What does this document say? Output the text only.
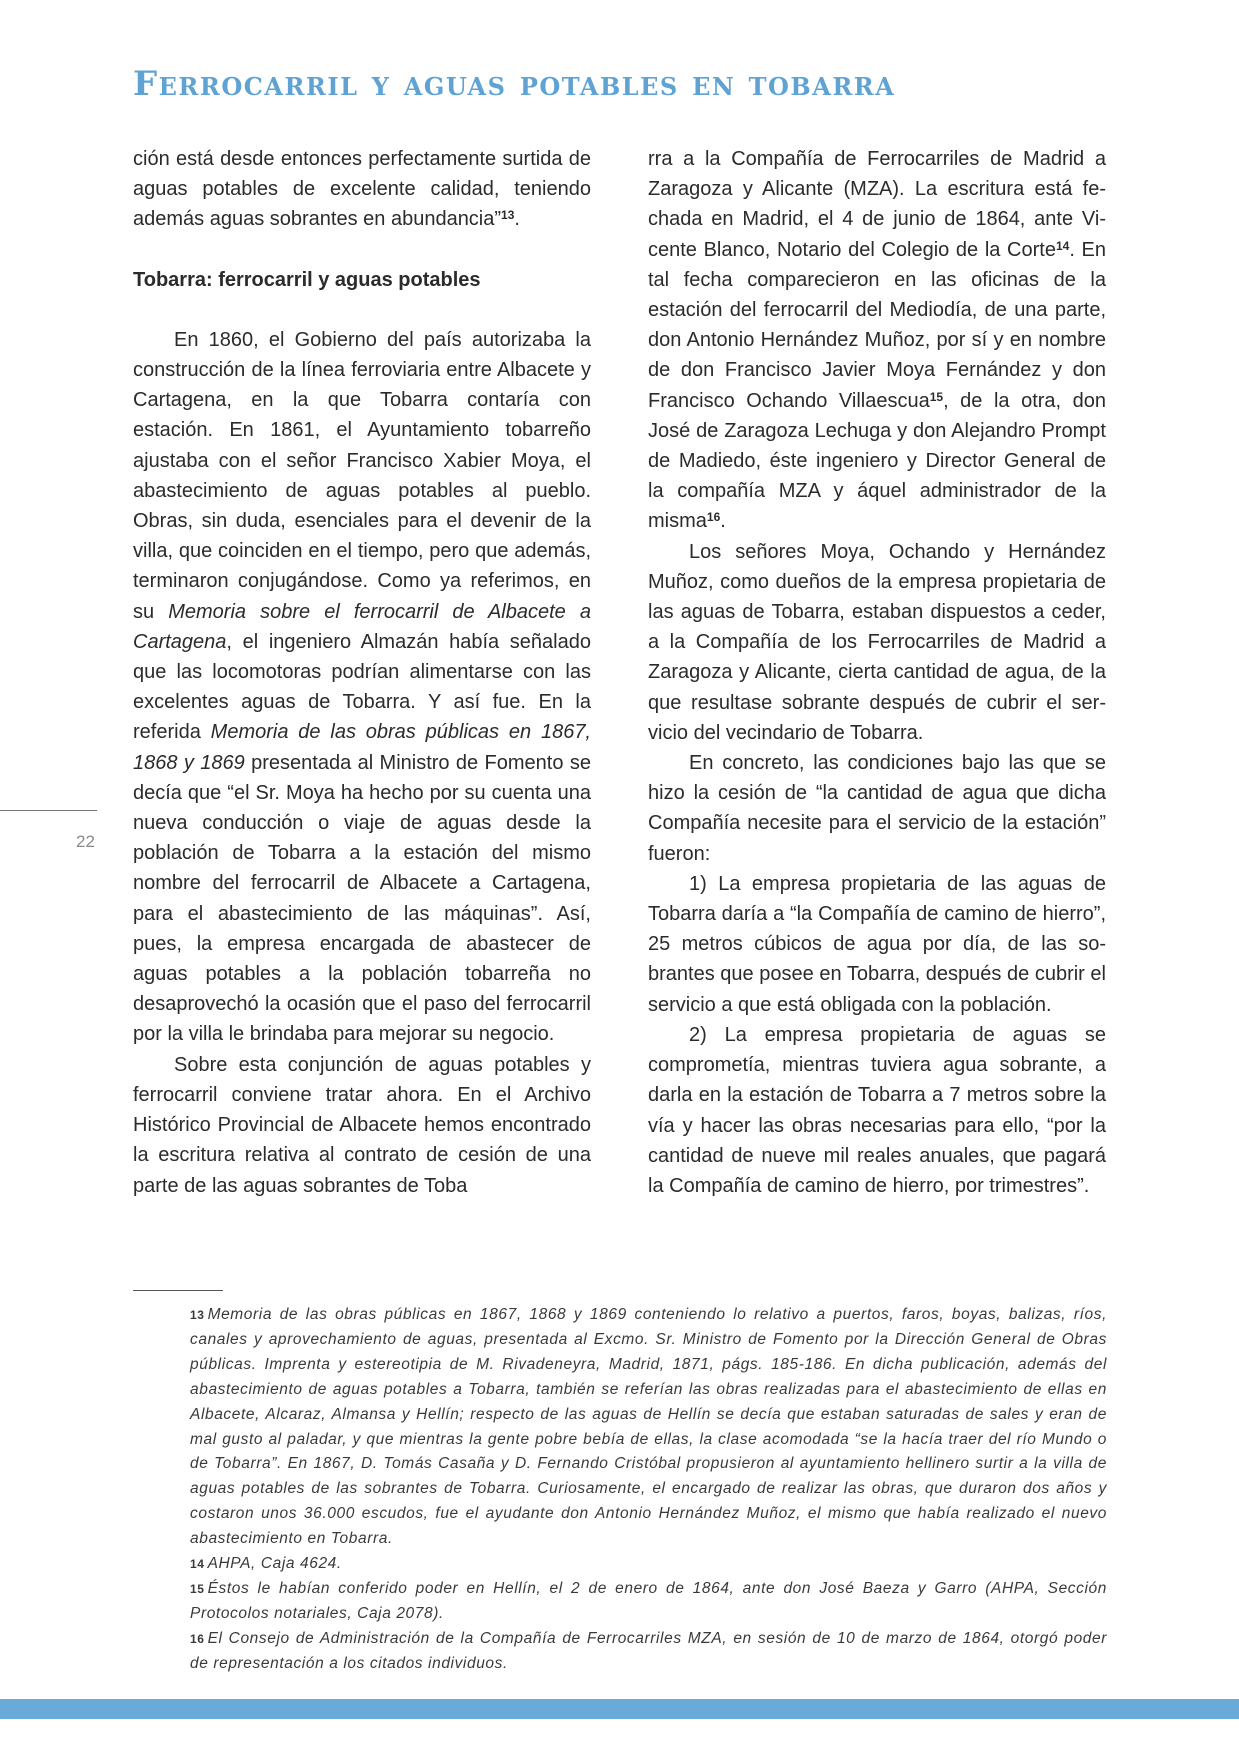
Ferrocarril y aguas potables en tobarra

ción está desde entonces perfectamente surtida de aguas potables de excelente calidad, teniendo además aguas sobrantes en abundancia”$^{13}$.

Tobarra: ferrocarril y aguas potables

En 1860, el Gobierno del país autorizaba la construcción de la línea ferroviaria entre Albacete y Cartagena, en la que Tobarra contaría con estación. En 1861, el Ayuntamiento tobarreño ajustaba con el señor Francisco Xabier Moya, el abastecimiento de aguas potables al pueblo. Obras, sin duda, esenciales para el devenir de la villa, que coinciden en el tiempo, pero que además, terminaron conjugándose. Como ya referimos, en su Memoria sobre el ferrocarril de Albacete a Cartagena, el ingeniero Almazán había señalado que las locomotoras podrían alimentarse con las excelentes aguas de Tobarra. Y así fue. En la referida Memoria de las obras públicas en 1867, 1868 y 1869 presentada al Ministro de Fomento se decía que “el Sr. Moya ha hecho por su cuenta una nueva conducción o viaje de aguas desde la población de Tobarra a la estación del mismo nombre del ferrocarril de Albacete a Cartagena, para el abastecimiento de las máquinas”. Así, pues, la empresa encargada de abastecer de aguas potables a la población tobarreña no desaprovechó la ocasión que el paso del ferrocarril por la villa le brindaba para mejorar su negocio.

Sobre esta conjunción de aguas potables y ferrocarril conviene tratar ahora. En el Archivo Histórico Provincial de Albacete hemos encontrado la escritura relativa al contrato de cesión de una parte de las aguas sobrantes de Toba

rra a la Compañía de Ferrocarriles de Madrid a Zaragoza y Alicante (MZA). La escritura está fechada en Madrid, el 4 de junio de 1864, ante Vicente Blanco, Notario del Colegio de la Corte$^{14}$. En tal fecha comparecieron en las oficinas de la estación del ferrocarril del Mediodía, de una parte, don Antonio Hernández Muñoz, por sí y en nombre de don Francisco Javier Moya Fernández y don Francisco Ochando Villaescua$^{15}$, de la otra, don José de Zaragoza Lechuga y don Alejandro Prompt de Madiedo, éste ingeniero y Director General de la compañía MZA y áquel administrador de la misma$^{16}$.

Los señores Moya, Ochando y Hernández Muñoz, como dueños de la empresa propietaria de las aguas de Tobarra, estaban dispuestos a ceder, a la Compañía de los Ferrocarriles de Madrid a Zaragoza y Alicante, cierta cantidad de agua, de la que resultase sobrante después de cubrir el servicio del vecindario de Tobarra.

En concreto, las condiciones bajo las que se hizo la cesión de “la cantidad de agua que dicha Compañía necesite para el servicio de la estación” fueron:

1) La empresa propietaria de las aguas de Tobarra daría a “la Compañía de camino de hierro”, 25 metros cúbicos de agua por día, de las sobrantes que posee en Tobarra, después de cubrir el servicio a que está obligada con la población.

2) La empresa propietaria de aguas se comprometía, mientras tuviera agua sobrante, a darla en la estación de Tobarra a 7 metros sobre la vía y hacer las obras necesarias para ello, “por la cantidad de nueve mil reales anuales, que pagará la Compañía de camino de hierro, por trimestres”.

22

13 Memoria de las obras públicas en 1867, 1868 y 1869 conteniendo lo relativo a puertos, faros, boyas, balizas, ríos, canales y aprovechamiento de aguas, presentada al Excmo. Sr. Ministro de Fomento por la Dirección General de Obras públicas. Imprenta y estereotipia de M. Rivadeneyra, Madrid, 1871, págs. 185-186. En dicha publicación, además del abastecimiento de aguas potables a Tobarra, también se referían las obras realizadas para el abastecimiento de ellas en Albacete, Alcaraz, Almansa y Hellín; respecto de las aguas de Hellín se decía que estaban saturadas de sales y eran de mal gusto al paladar, y que mientras la gente pobre bebía de ellas, la clase acomodada “se la hacía traer del río Mundo o de Tobarra”. En 1867, D. Tomás Casaña y D. Fernando Cristóbal propusieron al ayuntamiento hellinero surtir a la villa de aguas potables de las sobrantes de Tobarra. Curiosamente, el encargado de realizar las obras, que duraron dos años y costaron unos 36.000 escudos, fue el ayudante don Antonio Hernández Muñoz, el mismo que había realizado el nuevo abastecimiento en Tobarra.

14 AHPA, Caja 4624.

15 Éstos le habían conferido poder en Hellín, el 2 de enero de 1864, ante don José Baeza y Garro (AHPA, Sección Protocolos notariales, Caja 2078).

16 El Consejo de Administración de la Compañía de Ferrocarriles MZA, en sesión de 10 de marzo de 1864, otorgó poder de representación a los citados individuos.
